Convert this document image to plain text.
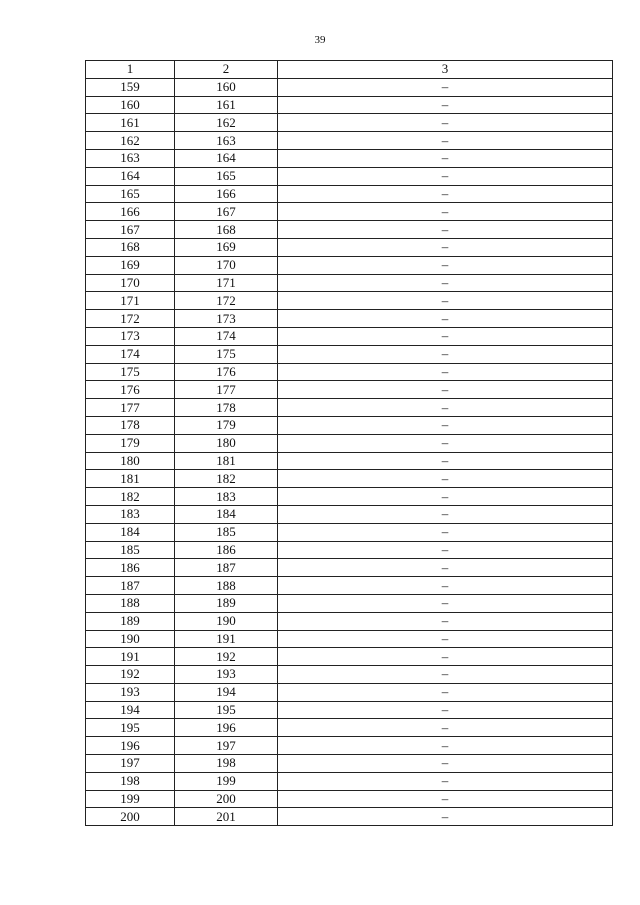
39
1	2	3
159	160	–
160	161	–
161	162	–
162	163	–
163	164	–
164	165	–
165	166	–
166	167	–
167	168	–
168	169	–
169	170	–
170	171	–
171	172	–
172	173	–
173	174	–
174	175	–
175	176	–
176	177	–
177	178	–
178	179	–
179	180	–
180	181	–
181	182	–
182	183	–
183	184	–
184	185	–
185	186	–
186	187	–
187	188	–
188	189	–
189	190	–
190	191	–
191	192	–
192	193	–
193	194	–
194	195	–
195	196	–
196	197	–
197	198	–
198	199	–
199	200	–
200	201	–
